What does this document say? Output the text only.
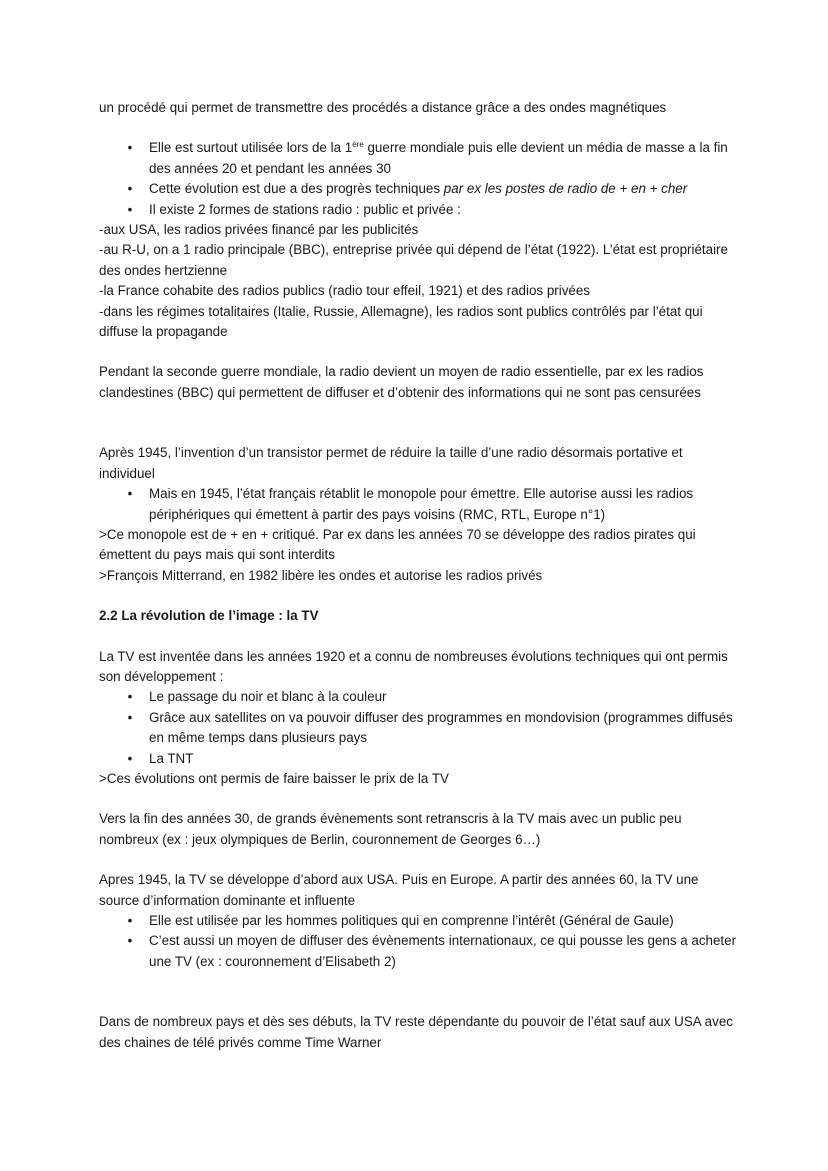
un procédé qui permet de transmettre des procédés a distance grâce a des ondes magnétiques

• Elle est surtout utilisée lors de la 1ère guerre mondiale puis elle devient un média de masse a la fin des années 20 et pendant les années 30
• Cette évolution est due a des progrès techniques par ex les postes de radio de + en + cher
• Il existe 2 formes de stations radio : public et privée :

-aux USA, les radios privées financé par les publicités

-au R-U, on a 1 radio principale (BBC), entreprise privée qui dépend de l’état (1922). L’état est propriétaire des ondes hertzienne

-la France cohabite des radios publics (radio tour effeil, 1921) et des radios privées

-dans les régimes totalitaires (Italie, Russie, Allemagne), les radios sont publics contrôlés par l’état qui diffuse la propagande

Pendant la seconde guerre mondiale, la radio devient un moyen de radio essentielle, par ex les radios clandestines (BBC) qui permettent de diffuser et d’obtenir des informations qui ne sont pas censurées

Après 1945, l’invention d’un transistor permet de réduire la taille d’une radio désormais portative et individuel

• Mais en 1945, l’état français rétablit le monopole pour émettre. Elle autorise aussi les radios périphériques qui émettent à partir des pays voisins (RMC, RTL, Europe n°1)

>Ce monopole est de + en + critiqué. Par ex dans les années 70 se développe des radios pirates qui émettent du pays mais qui sont interdits

>François Mitterrand, en 1982 libère les ondes et autorise les radios privés

2.2 La révolution de l’image : la TV

La TV est inventée dans les années 1920 et a connu de nombreuses évolutions techniques qui ont permis son développement :

• Le passage du noir et blanc à la couleur
• Grâce aux satellites on va pouvoir diffuser des programmes en mondovision (programmes diffusés en même temps dans plusieurs pays
• La TNT

>Ces évolutions ont permis de faire baisser le prix de la TV

Vers la fin des années 30, de grands évènements sont retranscris à la TV mais avec un public peu nombreux (ex : jeux olympiques de Berlin, couronnement de Georges 6…)

Apres 1945, la TV se développe d’abord aux USA. Puis en Europe. A partir des années 60, la TV une source d’information dominante et influente

• Elle est utilisée par les hommes politiques qui en comprenne l’intérêt (Général de Gaule)
• C’est aussi un moyen de diffuser des évènements internationaux, ce qui pousse les gens a acheter une TV (ex : couronnement d’Elisabeth 2)

Dans de nombreux pays et dès ses débuts, la TV reste dépendante du pouvoir de l’état sauf aux USA avec des chaines de télé privés comme Time Warner
